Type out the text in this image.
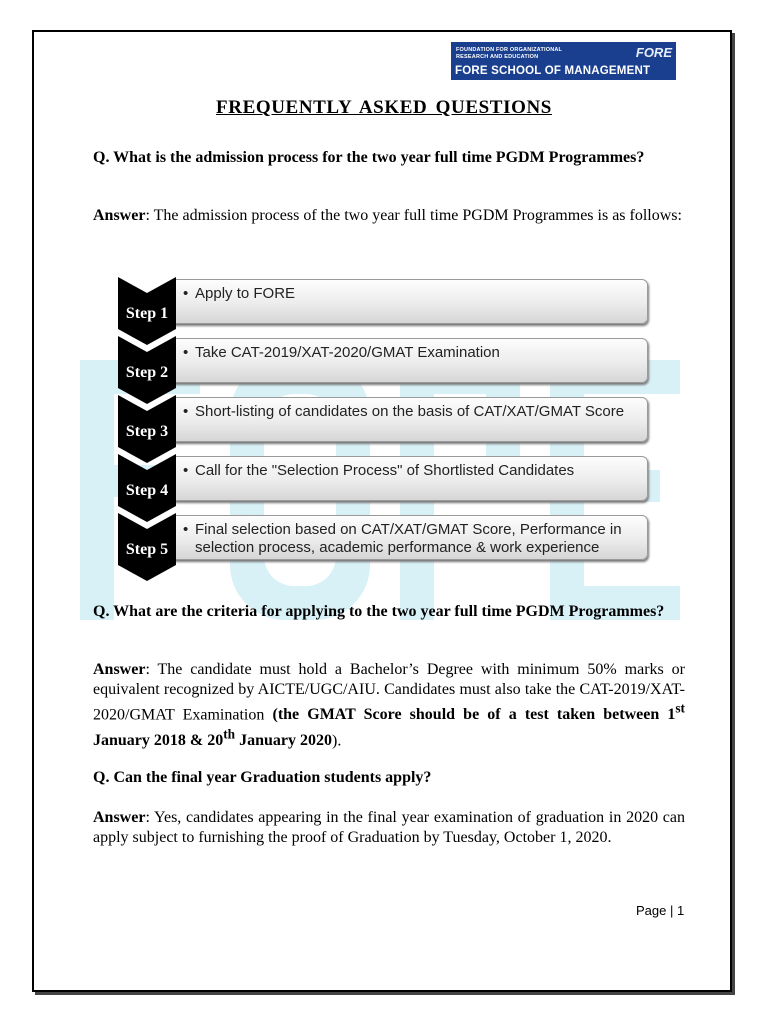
FOUNDATION FOR ORGANIZATIONAL
RESEARCH AND EDUCATION	FORE
FORE SCHOOL OF MANAGEMENT
FREQUENTLY ASKED QUESTIONS
Q. What is the admission process for the two year full time PGDM Programmes?
Answer: The admission process of the two year full time PGDM Programmes is as follows:
• Apply to FORE
• Take CAT-2019/XAT-2020/GMAT Examination
• Short-listing of candidates on the basis of CAT/XAT/GMAT Score
• Call for the "Selection Process" of Shortlisted Candidates
• Final selection based on CAT/XAT/GMAT Score, Performance in selection process, academic performance & work experience
Step 1
Step 2
Step 3
Step 4
Step 5
Q. What are the criteria for applying to the two year full time PGDM Programmes?
Answer: The candidate must hold a Bachelor’s Degree with minimum 50% marks or equivalent recognized by AICTE/UGC/AIU. Candidates must also take the CAT-2019/XAT-2020/GMAT Examination (the GMAT Score should be of a test taken between 1st January 2018 & 20th January 2020).
Q. Can the final year Graduation students apply?
Answer: Yes, candidates appearing in the final year examination of graduation in 2020 can apply subject to furnishing the proof of Graduation by Tuesday, October 1, 2020.
Page | 1
